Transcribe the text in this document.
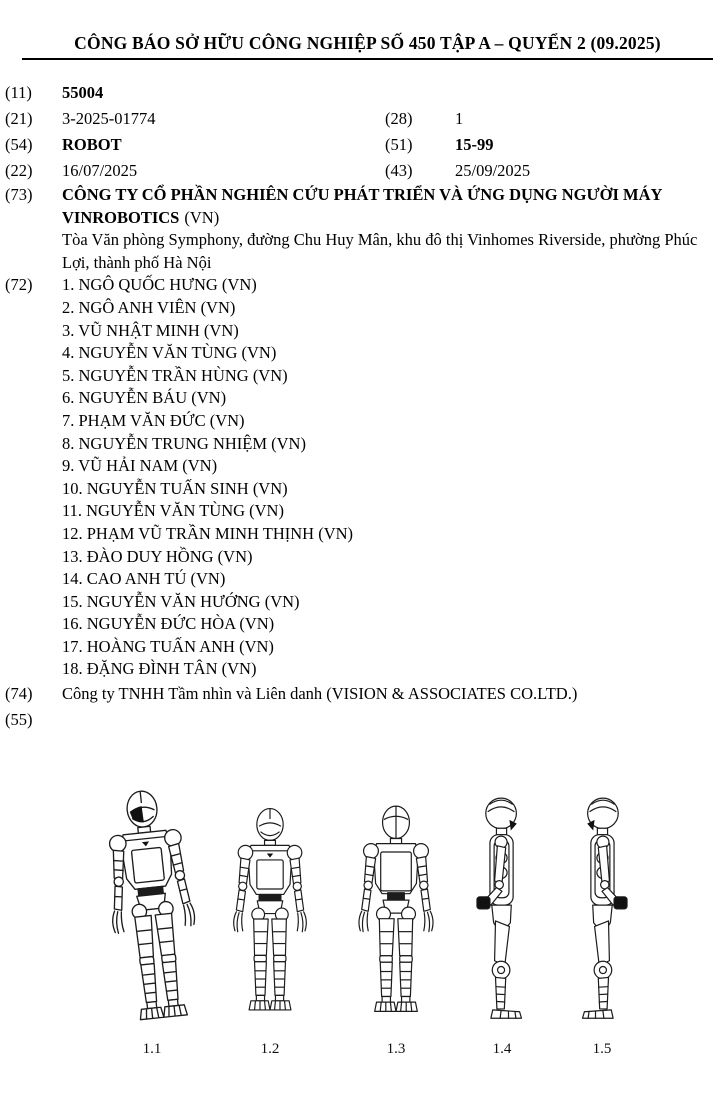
CÔNG BÁO SỞ HỮU CÔNG NGHIỆP SỐ 450 TẬP A – QUYỂN 2 (09.2025)
(11)	55004
(21)	3-2025-01774	(28)	1
(54)	ROBOT	(51)	15-99
(22)	16/07/2025	(43)	25/09/2025
(73)	CÔNG TY CỔ PHẦN NGHIÊN CỨU PHÁT TRIỂN VÀ ỨNG DỤNG NGƯỜI MÁY VINROBOTICS (VN)
Tòa Văn phòng Symphony, đường Chu Huy Mân, khu đô thị Vinhomes Riverside, phường Phúc Lợi, thành phố Hà Nội
(72)	1. NGÔ QUỐC HƯNG (VN)
2. NGÔ ANH VIÊN (VN)
3. VŨ NHẬT MINH (VN)
4. NGUYỄN VĂN TÙNG (VN)
5. NGUYỄN TRẦN HÙNG (VN)
6. NGUYỄN BÁU (VN)
7. PHẠM VĂN ĐỨC (VN)
8. NGUYỄN TRUNG NHIỆM (VN)
9. VŨ HẢI NAM (VN)
10. NGUYỄN TUẤN SINH (VN)
11. NGUYỄN VĂN TÙNG (VN)
12. PHẠM VŨ TRẦN MINH THỊNH (VN)
13. ĐÀO DUY HỒNG (VN)
14. CAO ANH TÚ (VN)
15. NGUYỄN VĂN HƯỚNG (VN)
16. NGUYỄN ĐỨC HÒA (VN)
17. HOÀNG TUẤN ANH (VN)
18. ĐẶNG ĐÌNH TÂN (VN)
(74)	Công ty TNHH Tầm nhìn và Liên danh (VISION & ASSOCIATES CO.LTD.)
(55)
1.1	1.2	1.3	1.4	1.5
